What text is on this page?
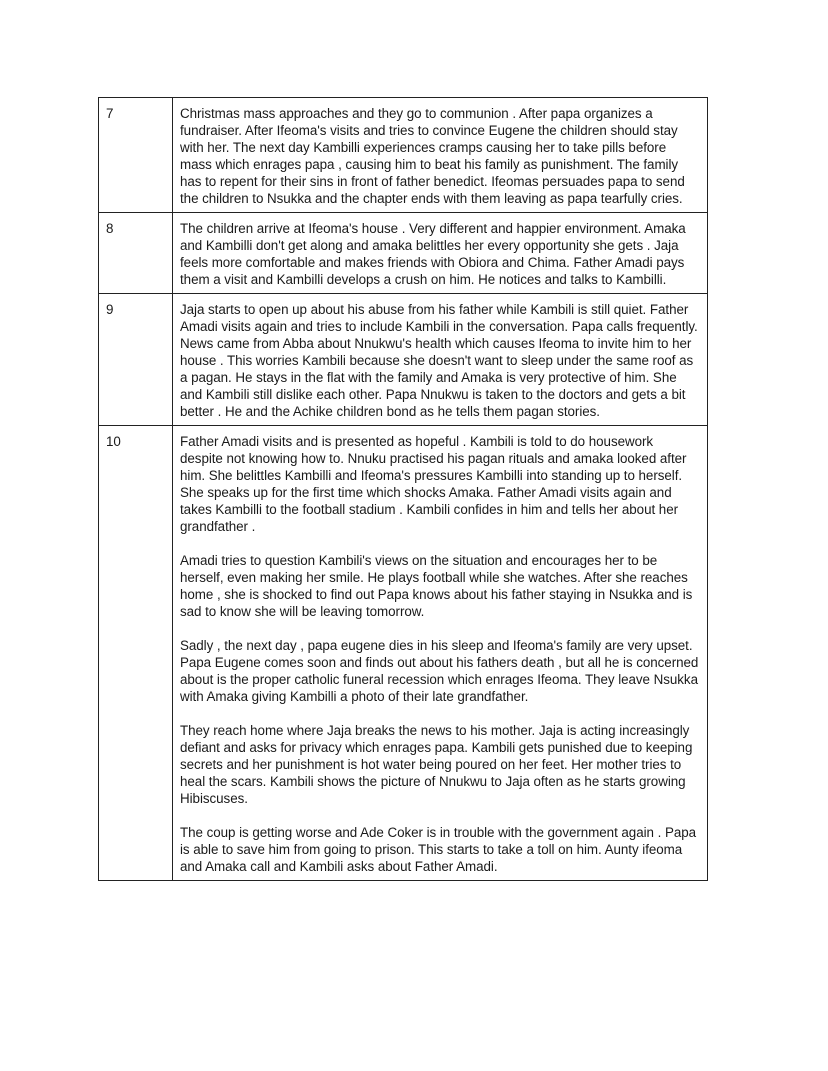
7	Christmas mass approaches and they go to communion . After papa organizes a fundraiser. After Ifeoma's visits and tries to convince Eugene the children should stay with her. The next day Kambilli experiences cramps causing her to take pills before mass which enrages papa , causing him to beat his family as punishment. The family has to repent for their sins in front of father benedict. Ifeomas persuades papa to send the children to Nsukka and the chapter ends with them leaving as papa tearfully cries.

8	The children arrive at Ifeoma's house . Very different and happier environment. Amaka and Kambilli don't get along and amaka belittles her every opportunity she gets . Jaja feels more comfortable and makes friends with Obiora and Chima. Father Amadi pays them a visit and Kambilli develops a crush on him. He notices and talks to Kambilli.

9	Jaja starts to open up about his abuse from his father while Kambili is still quiet. Father Amadi visits again and tries to include Kambili in the conversation. Papa calls frequently. News came from Abba about Nnukwu's health which causes Ifeoma to invite him to her house . This worries Kambili because she doesn't want to sleep under the same roof as a pagan. He stays in the flat with the family and Amaka is very protective of him. She and Kambili still dislike each other. Papa Nnukwu is taken to the doctors and gets a bit better . He and the Achike children bond as he tells them pagan stories.

10	Father Amadi visits and is presented as hopeful . Kambili is told to do housework despite not knowing how to. Nnuku practised his pagan rituals and amaka looked after him. She belittles Kambilli and Ifeoma's pressures Kambilli into standing up to herself. She speaks up for the first time which shocks Amaka. Father Amadi visits again and takes Kambilli to the football stadium . Kambili confides in him and tells her about her grandfather .

Amadi tries to question Kambili's views on the situation and encourages her to be herself, even making her smile. He plays football while she watches. After she reaches home , she is shocked to find out Papa knows about his father staying in Nsukka and is sad to know she will be leaving tomorrow.

Sadly , the next day , papa eugene dies in his sleep and Ifeoma's family are very upset. Papa Eugene comes soon and finds out about his fathers death , but all he is concerned about is the proper catholic funeral recession which enrages Ifeoma. They leave Nsukka with Amaka giving Kambilli a photo of their late grandfather.

They reach home where Jaja breaks the news to his mother. Jaja is acting increasingly defiant and asks for privacy which enrages papa. Kambili gets punished due to keeping secrets and her punishment is hot water being poured on her feet. Her mother tries to heal the scars. Kambili shows the picture of Nnukwu to Jaja often as he starts growing Hibiscuses.

The coup is getting worse and Ade Coker is in trouble with the government again . Papa is able to save him from going to prison. This starts to take a toll on him. Aunty ifeoma and Amaka call and Kambili asks about Father Amadi.
